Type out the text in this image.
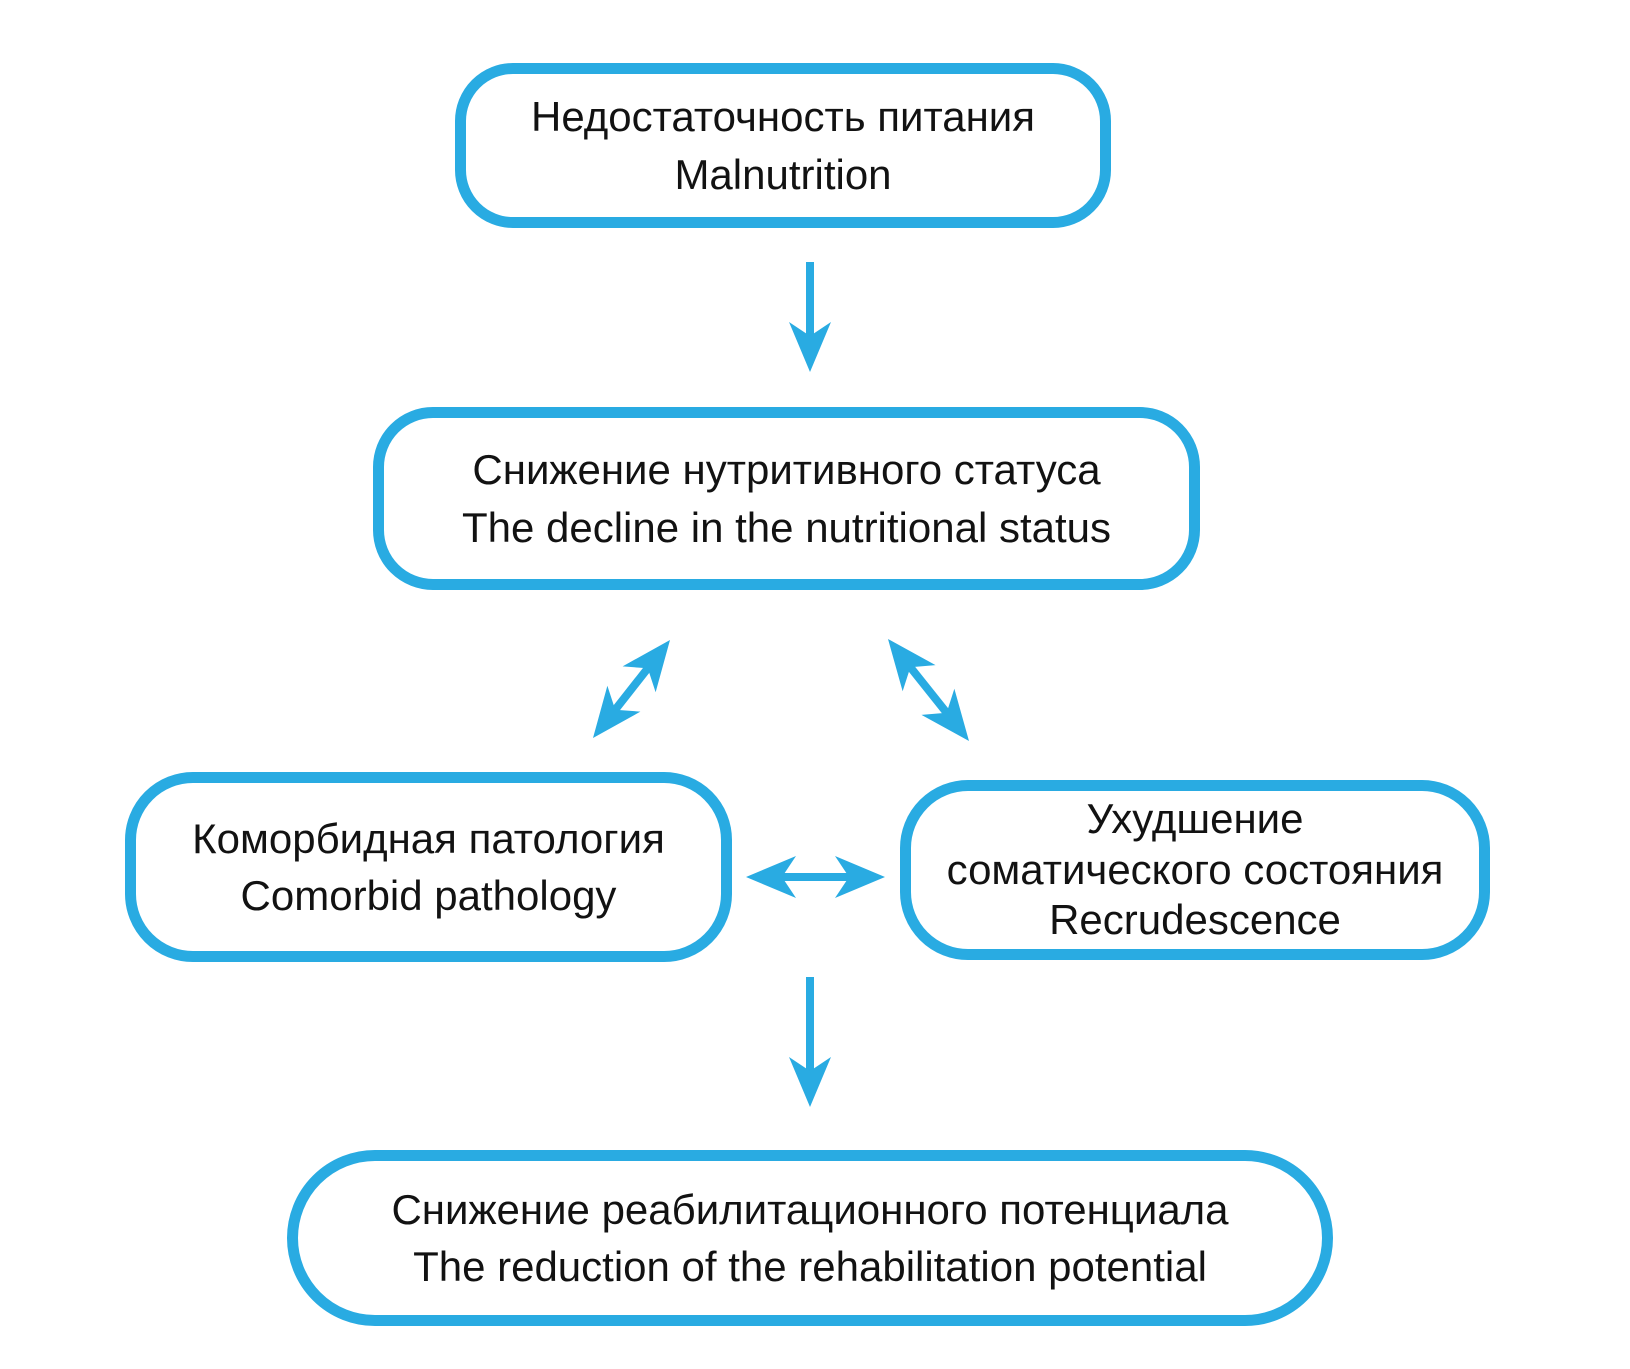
Недостаточность питания
Malnutrition
Снижение нутритивного статуса
The decline in the nutritional status
Коморбидная патология
Comorbid pathology
Ухудшение
соматического состояния
Recrudescence
Снижение реабилитационного потенциала
The reduction of the rehabilitation potential
